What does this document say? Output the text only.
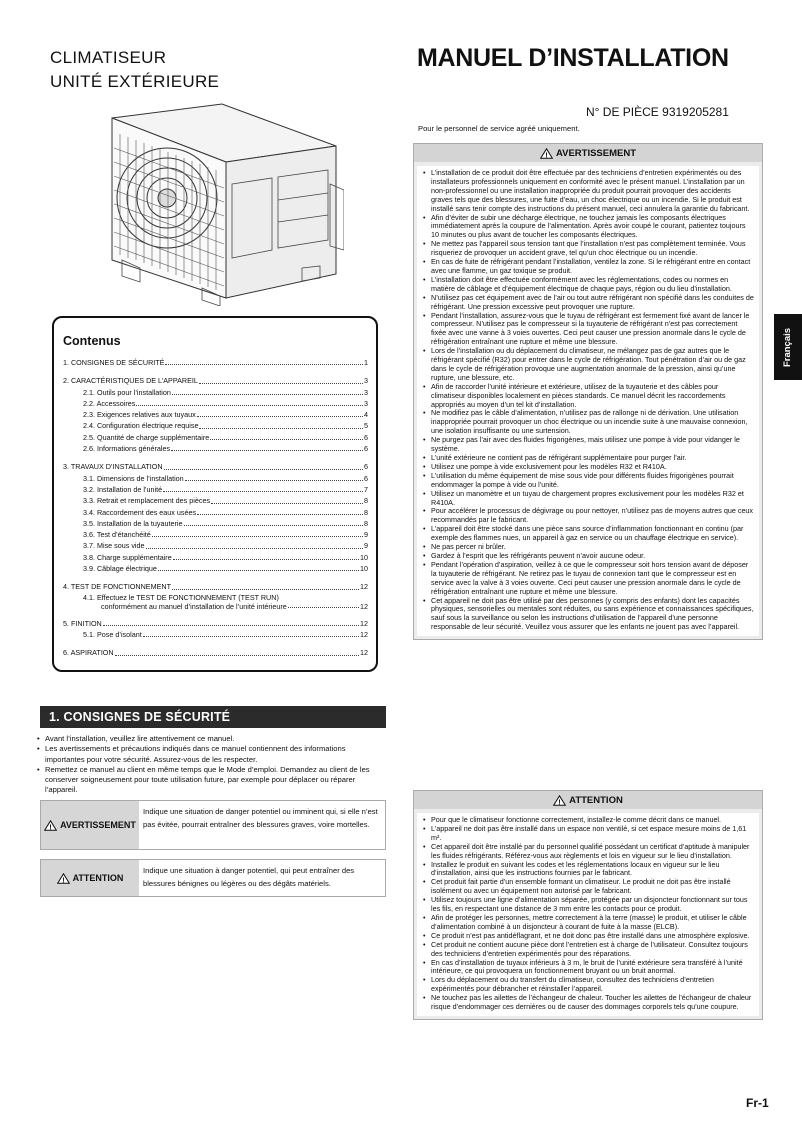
CLIMATISEUR
UNITÉ EXTÉRIEURE
MANUEL D’INSTALLATION
N° DE PIÈCE 9319205281
Pour le personnel de service agréé uniquement.
Contenus
1. CONSIGNES DE SÉCURITÉ	1
2. CARACTÉRISTIQUES DE L’APPAREIL	3
2.1. Outils pour l’installation	3
2.2. Accessoires	3
2.3. Exigences relatives aux tuyaux	4
2.4. Configuration électrique requise	5
2.5. Quantité de charge supplémentaire	6
2.6. Informations générales	6
3. TRAVAUX D’INSTALLATION	6
3.1. Dimensions de l’installation	6
3.2. Installation de l’unité	7
3.3. Retrait et remplacement des pièces	8
3.4. Raccordement des eaux usées	8
3.5. Installation de la tuyauterie	8
3.6. Test d’étanchéité	9
3.7. Mise sous vide	9
3.8. Charge supplémentaire	10
3.9. Câblage électrique	10
4. TEST DE FONCTIONNEMENT	12
4.1. Effectuez le TEST DE FONCTIONNEMENT (TEST RUN)
conformément au manuel d’installation de l’unité intérieure	12
5. FINITION	12
5.1. Pose d’isolant	12
6. ASPIRATION	12
1. CONSIGNES DE SÉCURITÉ
• Avant l’installation, veuillez lire attentivement ce manuel.
• Les avertissements et précautions indiqués dans ce manuel contiennent des informations importantes pour votre sécurité. Assurez-vous de les respecter.
• Remettez ce manuel au client en même temps que le Mode d’emploi. Demandez au client de les conserver soigneusement pour toute utilisation future, par exemple pour déplacer ou réparer l’appareil.
! AVERTISSEMENT
Indique une situation de danger potentiel ou imminent qui, si elle n’est pas évitée, pourrait entraîner des blessures graves, voire mortelles.
! ATTENTION
Indique une situation à danger potentiel, qui peut entraîner des blessures bénignes ou légères ou des dégâts matériels.
! AVERTISSEMENT
• L’installation de ce produit doit être effectuée par des techniciens d’entretien expérimentés ou des installateurs professionnels uniquement en conformité avec le présent manuel. L’installation par un non-professionnel ou une installation inappropriée du produit pourrait provoquer des accidents graves tels que des blessures, une fuite d’eau, un choc électrique ou un incendie. Si le produit est installé sans tenir compte des instructions du présent manuel, ceci annulera la garantie du fabricant.
• Afin d’éviter de subir une décharge électrique, ne touchez jamais les composants électriques immédiatement après la coupure de l’alimentation. Après avoir coupé le courant, patientez toujours 10 minutes ou plus avant de toucher les composants électriques.
• Ne mettez pas l’appareil sous tension tant que l’installation n’est pas complètement terminée. Vous risqueriez de provoquer un accident grave, tel qu’un choc électrique ou un incendie.
• En cas de fuite de réfrigérant pendant l’installation, ventilez la zone. Si le réfrigérant entre en contact avec une flamme, un gaz toxique se produit.
• L’installation doit être effectuée conformément avec les réglementations, codes ou normes en matière de câblage et d’équipement électrique de chaque pays, région ou du lieu d’installation.
• N’utilisez pas cet équipement avec de l’air ou tout autre réfrigérant non spécifié dans les conduites de réfrigérant. Une pression excessive peut provoquer une rupture.
• Pendant l’installation, assurez-vous que le tuyau de réfrigérant est fermement fixé avant de lancer le compresseur. N’utilisez pas le compresseur si la tuyauterie de réfrigérant n’est pas correctement fixée avec une vanne à 3 voies ouvertes. Ceci peut causer une pression anormale dans le cycle de réfrigération entraînant une rupture et même une blessure.
• Lors de l’installation ou du déplacement du climatiseur, ne mélangez pas de gaz autres que le réfrigérant spécifié (R32) pour entrer dans le cycle de réfrigération. Tout pénétration d’air ou de gaz dans le cycle de réfrigération provoque une augmentation anormale de la pression, ainsi qu’une rupture, une blessure, etc.
• Afin de raccorder l’unité intérieure et extérieure, utilisez de la tuyauterie et des câbles pour climatiseur disponibles localement en pièces standards. Ce manuel décrit les raccordements appropriés au moyen d’un tel kit d’installation.
• Ne modifiez pas le câble d’alimentation, n’utilisez pas de rallonge ni de dérivation. Une utilisation inappropriée pourrait provoquer un choc électrique ou un incendie suite à une mauvaise connexion, une isolation insuffisante ou une surtension.
• Ne purgez pas l’air avec des fluides frigorigènes, mais utilisez une pompe à vide pour vidanger le système.
• L’unité extérieure ne contient pas de réfrigérant supplémentaire pour purger l’air.
• Utilisez une pompe à vide exclusivement pour les modèles R32 et R410A.
• L’utilisation du même équipement de mise sous vide pour différents fluides frigorigènes pourrait endommager la pompe à vide ou l’unité.
• Utilisez un manomètre et un tuyau de chargement propres exclusivement pour les modèles R32 et R410A.
• Pour accélérer le processus de dégivrage ou pour nettoyer, n’utilisez pas de moyens autres que ceux recommandés par le fabricant.
• L’appareil doit être stocké dans une pièce sans source d’inflammation fonctionnant en continu (par exemple des flammes nues, un appareil à gaz en service ou un chauffage électrique en service).
• Ne pas percer ni brûler.
• Gardez à l’esprit que les réfrigérants peuvent n’avoir aucune odeur.
• Pendant l’opération d’aspiration, veillez à ce que le compresseur soit hors tension avant de déposer la tuyauterie de réfrigérant. Ne retirez pas le tuyau de connexion tant que le compresseur est en service avec la valve à 3 voies ouverte. Ceci peut causer une pression anormale dans le cycle de réfrigération entraînant une rupture et même une blessure.
• Cet appareil ne doit pas être utilisé par des personnes (y compris des enfants) dont les capacités physiques, sensorielles ou mentales sont réduites, ou sans expérience et connaissances spécifiques, sauf sous la surveillance ou selon les instructions d’utilisation de l’appareil d’une personne responsable de leur sécurité. Veuillez vous assurer que les enfants ne jouent pas avec l’appareil.
! ATTENTION
• Pour que le climatiseur fonctionne correctement, installez-le comme décrit dans ce manuel.
• L’appareil ne doit pas être installé dans un espace non ventilé, si cet espace mesure moins de 1,61 m².
• Cet appareil doit être installé par du personnel qualifié possédant un certificat d’aptitude à manipuler les fluides réfrigérants. Référez-vous aux règlements et lois en vigueur sur le lieu d’installation.
• Installez le produit en suivant les codes et les réglementations locaux en vigueur sur le lieu d’installation, ainsi que les instructions fournies par le fabricant.
• Cet produit fait partie d’un ensemble formant un climatiseur. Le produit ne doit pas être installé isolément ou avec un équipement non autorisé par le fabricant.
• Utilisez toujours une ligne d’alimentation séparée, protégée par un disjoncteur fonctionnant sur tous les fils, en respectant une distance de 3 mm entre les contacts pour ce produit.
• Afin de protéger les personnes, mettre correctement à la terre (masse) le produit, et utiliser le câble d’alimentation combiné à un disjoncteur à courant de fuite à la masse (ELCB).
• Ce produit n’est pas antidéflagrant, et ne doit donc pas être installé dans une atmosphère explosive.
• Cet produit ne contient aucune pièce dont l’entretien est à charge de l’utilisateur. Consultez toujours des techniciens d’entretien expérimentés pour des réparations.
• En cas d’installation de tuyaux inférieurs à 3 m, le bruit de l’unité extérieure sera transféré à l’unité intérieure, ce qui provoquera un fonctionnement bruyant ou un bruit anormal.
• Lors du déplacement ou du transfert du climatiseur, consultez des techniciens d’entretien expérimentés pour débrancher et réinstaller l’appareil.
• Ne touchez pas les ailettes de l’échangeur de chaleur. Toucher les ailettes de l’échangeur de chaleur risque d’endommager ces dernières ou de causer des dommages corporels tels qu’une coupure.
Français
Fr-1
